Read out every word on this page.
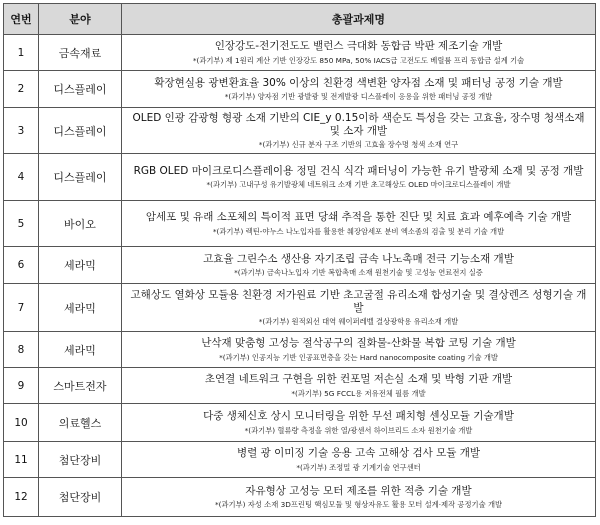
연번	분야	총괄과제명
1	금속재료	인장강도-전기전도도 밸런스 극대화 동합금 박판 제조기술 개발
*(과기부) 제 1원리 계산 기반 인장강도 850 MPa, 50% IACS급 고전도도 베릴륨 프리 동합금 설계 기술

2	디스플레이	확장현실용 광변환효율 30% 이상의 친환경 색변환 양자점 소재 및 패터닝 공정 기술 개발
*(과기부) 양자점 기반 광발광 및 전계발광 디스플레이 응용을 위한 패터닝 공정 개발

3	디스플레이	OLED 인광 감광형 형광 소재 기반의 CIE_y 0.15이하 색순도 특성을 갖는 고효율, 장수명 청색소재 및 소자 개발
*(과기부) 신규 분자 구조 기반의 고효율 장수명 청색 소재 연구

4	디스플레이	RGB OLED 마이크로디스플레이용 정밀 건식 식각 패터닝이 가능한 유기 발광체 소재 및 공정 개발
*(과기부) 고내구성 유기발광체 네트워크 소재 기반 초고해상도 OLED 마이크로디스플레이 개발

5	바이오	암세포 및 유래 소포체의 특이적 표면 당쇄 추적을 통한 진단 및 치료 효과 예후예측 기술 개발
*(과기부) 렉틴-야누스 나노입자를 활용한 췌장암세포 분비 엑소좀의 검출 및 분리 기술 개발

6	세라믹	고효율 그린수소 생산용 자기조립 금속 나노촉매 전극 기능소재 개발
*(과기부) 금속나노입자 기반 복합촉매 소재 원천기술 및 고성능 연료전지 실증

7	세라믹	고해상도 열화상 모듈용 친환경 저가원료 기반 초고굴절 유리소재 합성기술 및 결상렌즈 성형기술 개발
*(과기부) 원적외선 대역 웨이퍼레벨 결상광학용 유리소재 개발

8	세라믹	난삭재 맞춤형 고성능 절삭공구의 질화물-산화물 복합 코팅 기술 개발
*(과기부) 인공지능 기반 인공표면층을 갖는 Hard nanocomposite coating 기술 개발

9	스마트전자	초연결 네트워크 구현을 위한 컨포멀 저손실 소재 및 박형 기판 개발
*(과기부) 5G FCCL용 저유전체 필름 개발

10	의료헬스	다중 생체신호 상시 모니터링을 위한 무선 패치형 센싱모듈 기술개발
*(과기부) 혈류량 측정을 위한 열/광센서 하이브리드 소자 원천기술 개발

11	첨단장비	병렬 광 이미징 기술 응용 고속 고해상 검사 모듈 개발
*(과기부) 조정밀 광 기계기술 연구센터

12	첨단장비	자유형상 고성능 모터 제조를 위한 적층 기술 개발
*(과기부) 자성 소재 3D프린팅 핵심모듈 및 형상자유도 활용 모터 설계·제작 공정기술 개발
